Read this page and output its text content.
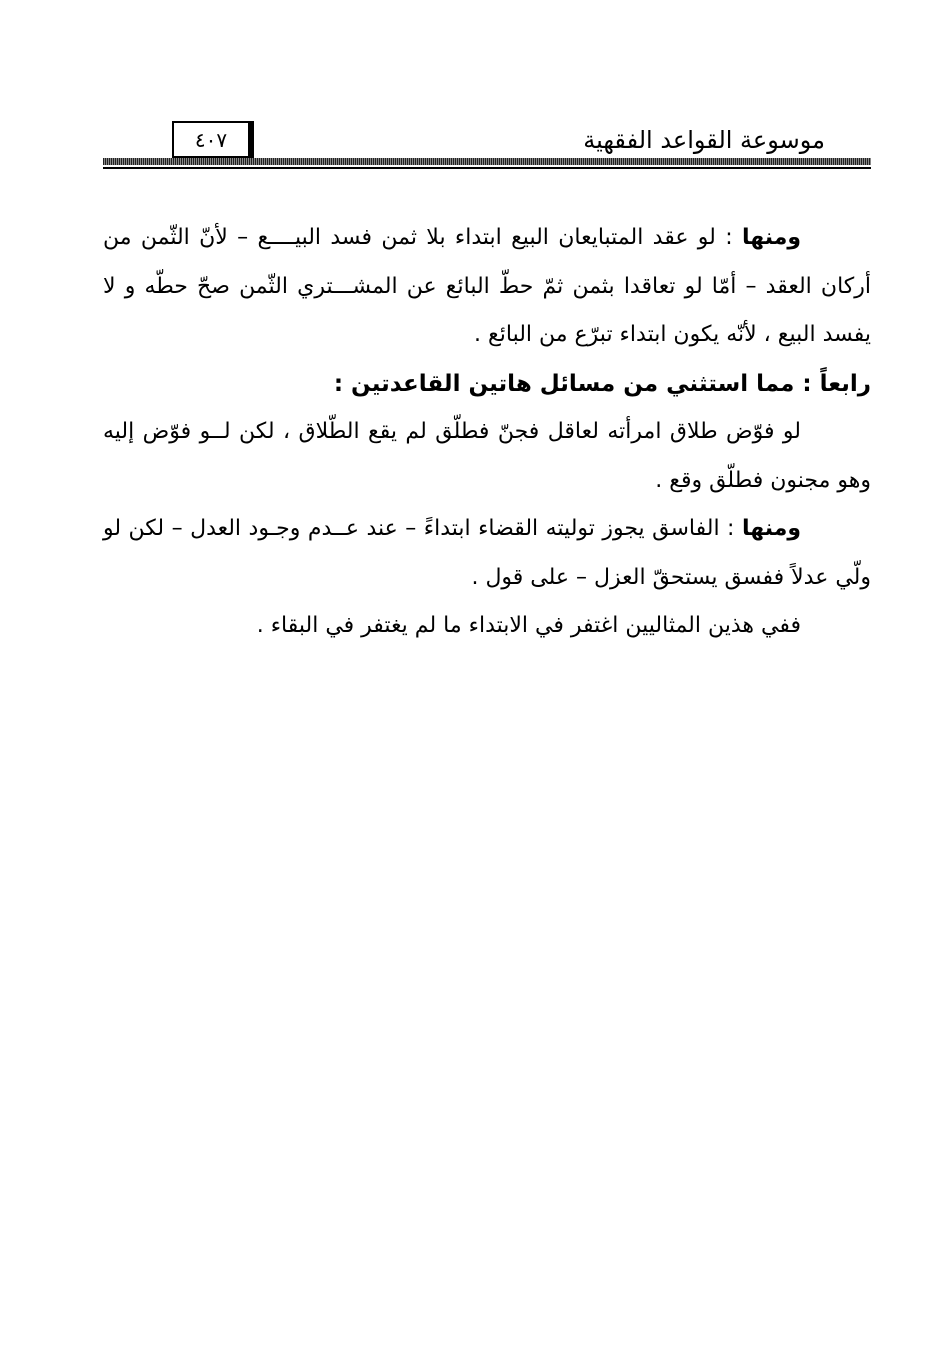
٤٠٧	موسوعة القواعد الفقهية

ومنها : لو عقد المتبايعان البيع ابتداء بلا ثمن فسد البيــــع – لأنّ الثّمن من أركان العقد – أمّا لو تعاقدا بثمن ثمّ حطّ البائع عن المشـــتري الثّمن صحّ حطّه و لا يفسد البيع ، لأنّه يكون ابتداء تبرّع من البائع .

رابعاً : مما استثني من مسائل هاتين القاعدتين :

لو فوّض طلاق امرأته لعاقل فجنّ فطلّق لم يقع الطّلاق ، لكن لــو فوّض إليه وهو مجنون فطلّق وقع .

ومنها : الفاسق يجوز توليته القضاء ابتداءً – عند عــدم وجـود العدل – لكن لو ولّي عدلاً ففسق يستحقّ العزل – على قول .

ففي هذين المثاليين اغتفر في الابتداء ما لم يغتفر في البقاء .
